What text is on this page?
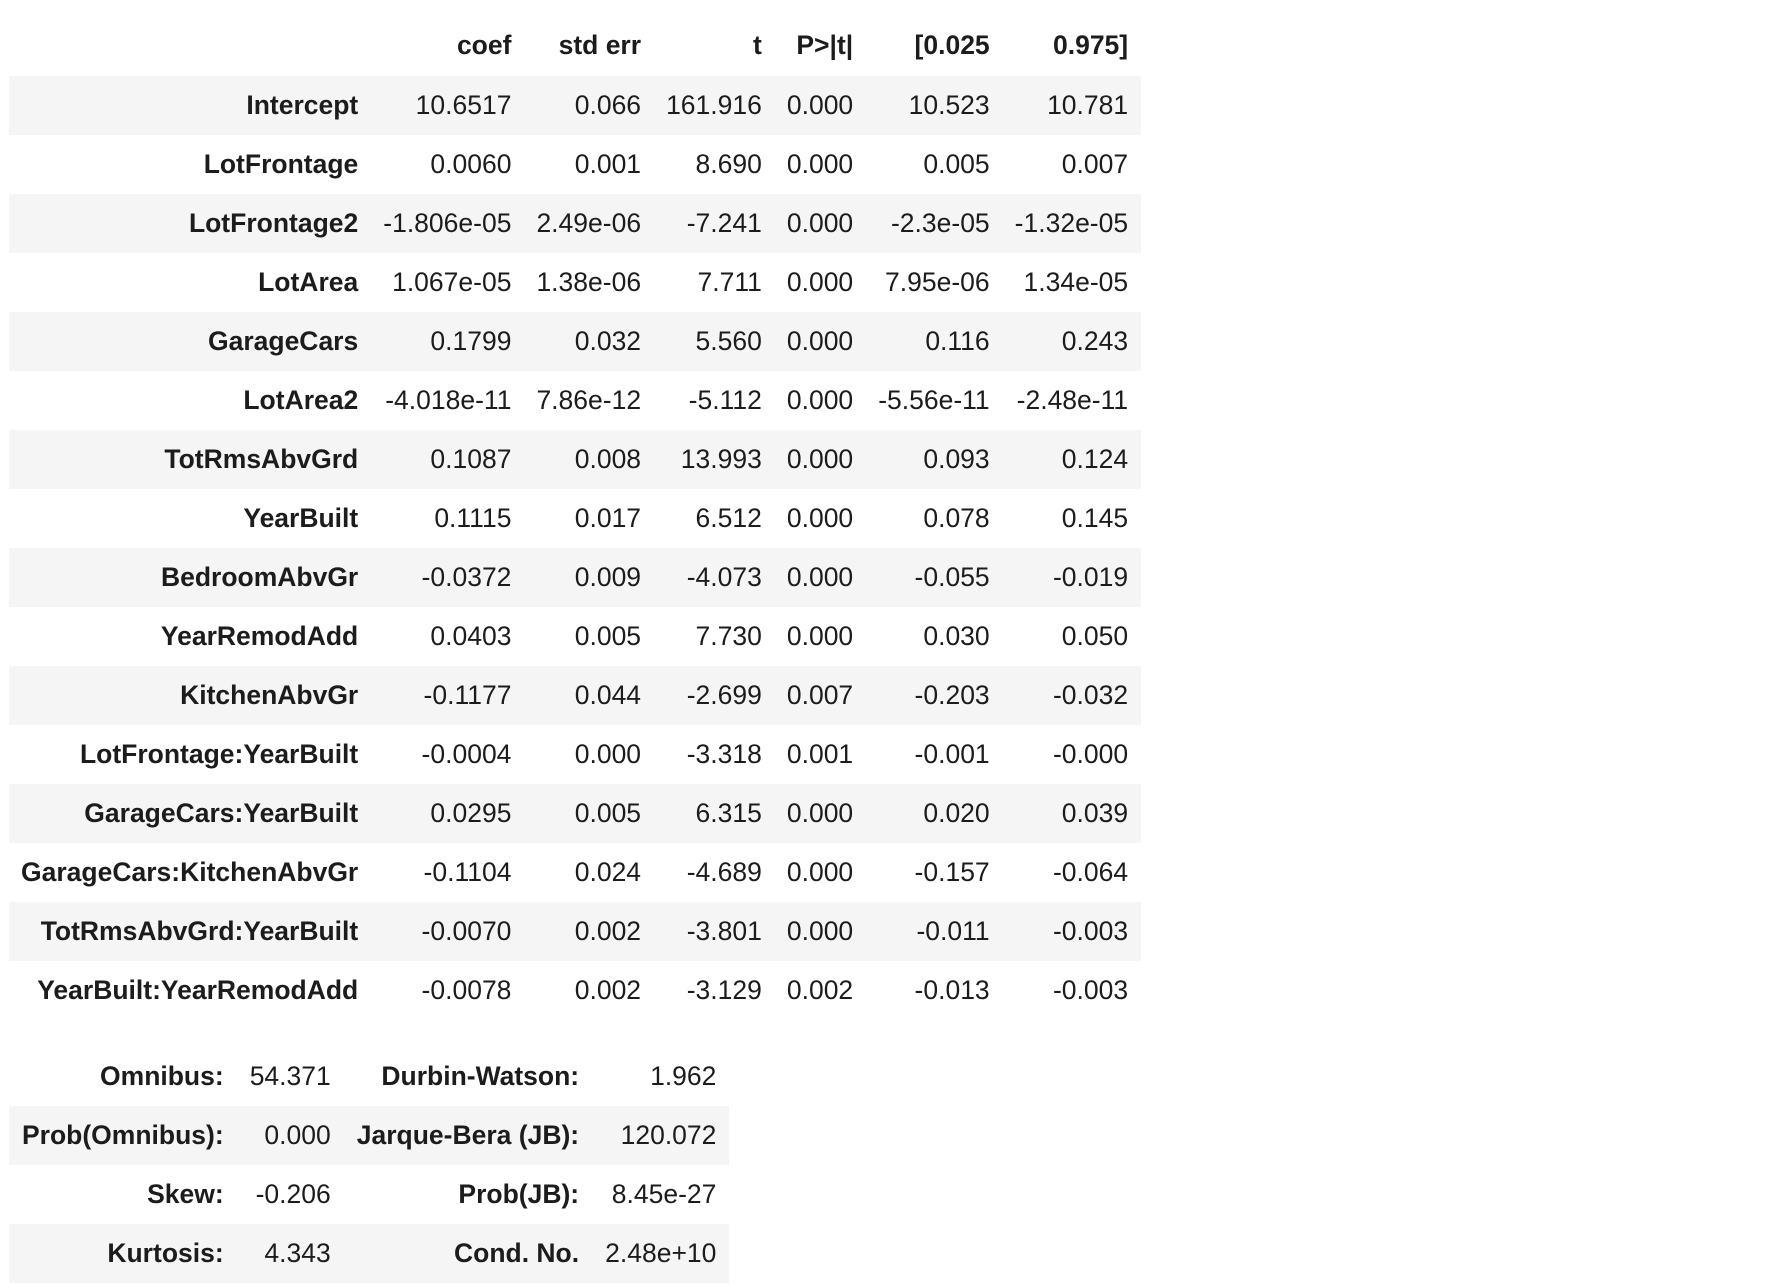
	coef	std err	t	P>|t|	[0.025	0.975]
Intercept	10.6517	0.066	161.916	0.000	10.523	10.781
LotFrontage	0.0060	0.001	8.690	0.000	0.005	0.007
LotFrontage2	-1.806e-05	2.49e-06	-7.241	0.000	-2.3e-05	-1.32e-05
LotArea	1.067e-05	1.38e-06	7.711	0.000	7.95e-06	1.34e-05
GarageCars	0.1799	0.032	5.560	0.000	0.116	0.243
LotArea2	-4.018e-11	7.86e-12	-5.112	0.000	-5.56e-11	-2.48e-11
TotRmsAbvGrd	0.1087	0.008	13.993	0.000	0.093	0.124
YearBuilt	0.1115	0.017	6.512	0.000	0.078	0.145
BedroomAbvGr	-0.0372	0.009	-4.073	0.000	-0.055	-0.019
YearRemodAdd	0.0403	0.005	7.730	0.000	0.030	0.050
KitchenAbvGr	-0.1177	0.044	-2.699	0.007	-0.203	-0.032
LotFrontage:YearBuilt	-0.0004	0.000	-3.318	0.001	-0.001	-0.000
GarageCars:YearBuilt	0.0295	0.005	6.315	0.000	0.020	0.039
GarageCars:KitchenAbvGr	-0.1104	0.024	-4.689	0.000	-0.157	-0.064
TotRmsAbvGrd:YearBuilt	-0.0070	0.002	-3.801	0.000	-0.011	-0.003
YearBuilt:YearRemodAdd	-0.0078	0.002	-3.129	0.002	-0.013	-0.003
Omnibus:	54.371	Durbin-Watson:	1.962
Prob(Omnibus):	0.000	Jarque-Bera (JB):	120.072
Skew:	-0.206	Prob(JB):	8.45e-27
Kurtosis:	4.343	Cond. No.	2.48e+10
